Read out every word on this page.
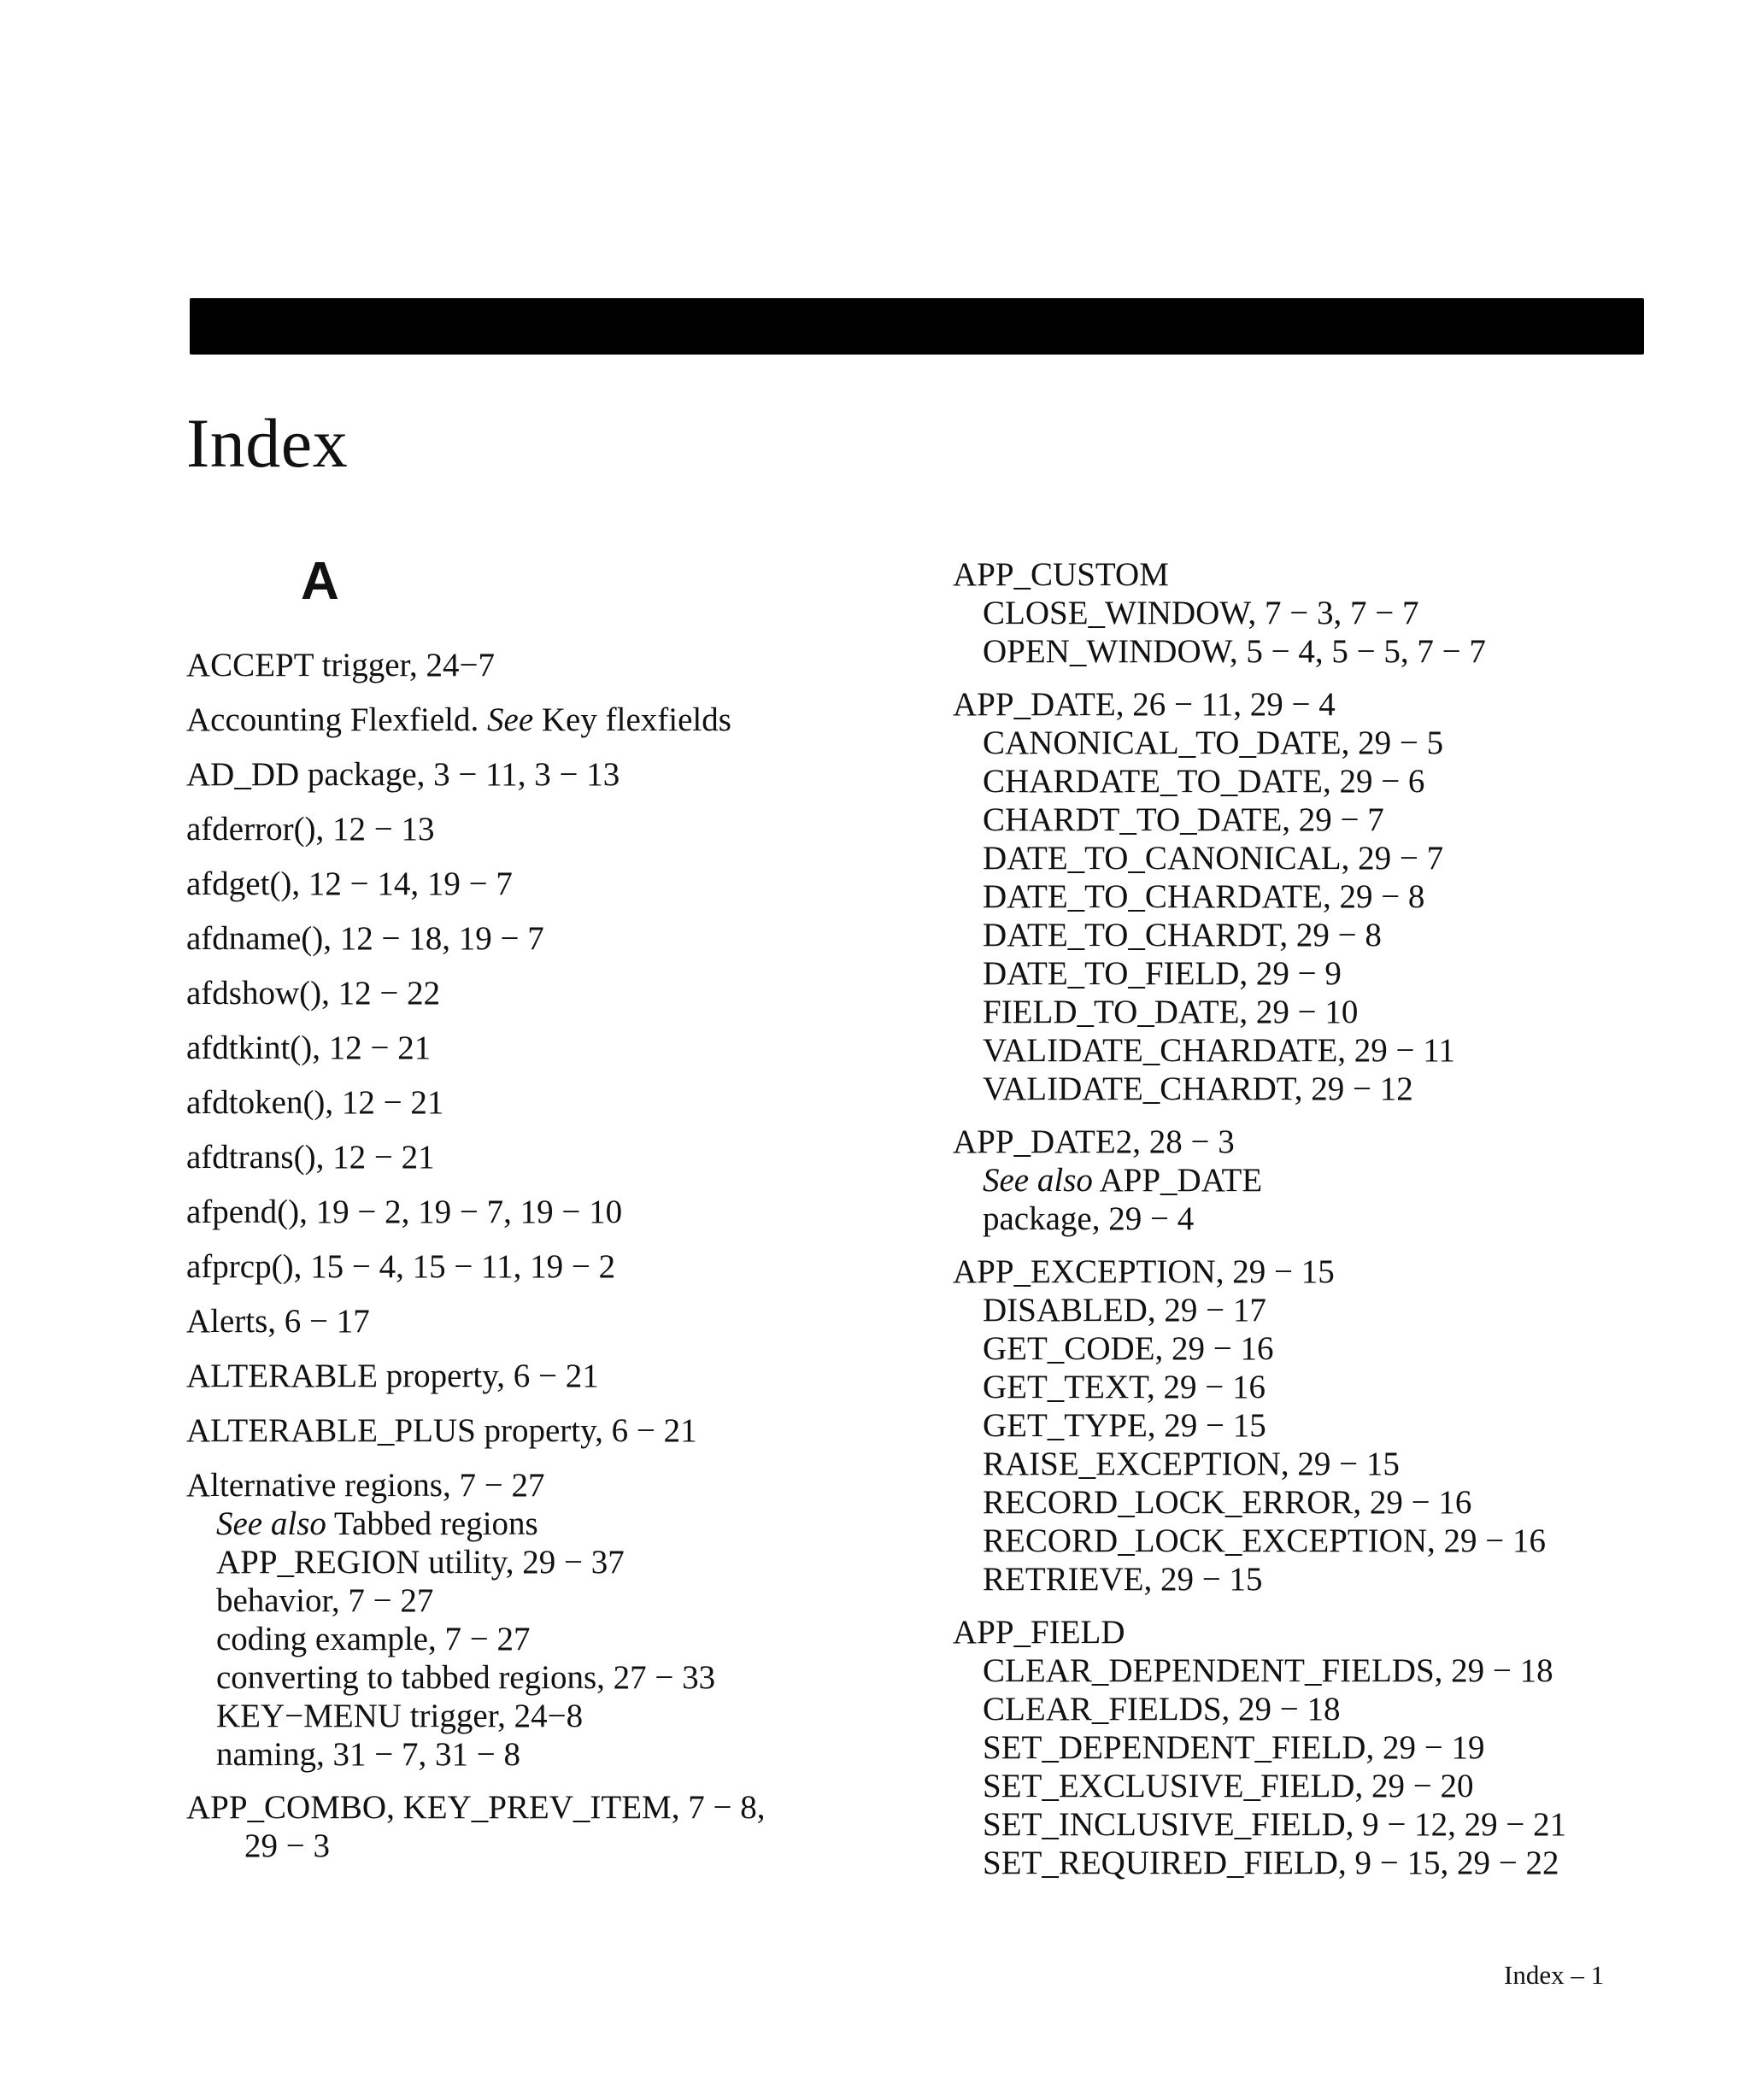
Index
A
ACCEPT trigger, 24−7
Accounting Flexfield. See Key flexfields
AD_DD package, 3 − 11, 3 − 13
afderror(), 12 − 13
afdget(), 12 − 14, 19 − 7
afdname(), 12 − 18, 19 − 7
afdshow(), 12 − 22
afdtkint(), 12 − 21
afdtoken(), 12 − 21
afdtrans(), 12 − 21
afpend(), 19 − 2, 19 − 7, 19 − 10
afprcp(), 15 − 4, 15 − 11, 19 − 2
Alerts, 6 − 17
ALTERABLE property, 6 − 21
ALTERABLE_PLUS property, 6 − 21
Alternative regions, 7 − 27
See also Tabbed regions
APP_REGION utility, 29 − 37
behavior, 7 − 27
coding example, 7 − 27
converting to tabbed regions, 27 − 33
KEY−MENU trigger, 24−8
naming, 31 − 7, 31 − 8
APP_COMBO, KEY_PREV_ITEM, 7 − 8,
29 − 3
APP_CUSTOM
CLOSE_WINDOW, 7 − 3, 7 − 7
OPEN_WINDOW, 5 − 4, 5 − 5, 7 − 7
APP_DATE, 26 − 11, 29 − 4
CANONICAL_TO_DATE, 29 − 5
CHARDATE_TO_DATE, 29 − 6
CHARDT_TO_DATE, 29 − 7
DATE_TO_CANONICAL, 29 − 7
DATE_TO_CHARDATE, 29 − 8
DATE_TO_CHARDT, 29 − 8
DATE_TO_FIELD, 29 − 9
FIELD_TO_DATE, 29 − 10
VALIDATE_CHARDATE, 29 − 11
VALIDATE_CHARDT, 29 − 12
APP_DATE2, 28 − 3
See also APP_DATE
package, 29 − 4
APP_EXCEPTION, 29 − 15
DISABLED, 29 − 17
GET_CODE, 29 − 16
GET_TEXT, 29 − 16
GET_TYPE, 29 − 15
RAISE_EXCEPTION, 29 − 15
RECORD_LOCK_ERROR, 29 − 16
RECORD_LOCK_EXCEPTION, 29 − 16
RETRIEVE, 29 − 15
APP_FIELD
CLEAR_DEPENDENT_FIELDS, 29 − 18
CLEAR_FIELDS, 29 − 18
SET_DEPENDENT_FIELD, 29 − 19
SET_EXCLUSIVE_FIELD, 29 − 20
SET_INCLUSIVE_FIELD, 9 − 12, 29 − 21
SET_REQUIRED_FIELD, 9 − 15, 29 − 22
Index – 1
